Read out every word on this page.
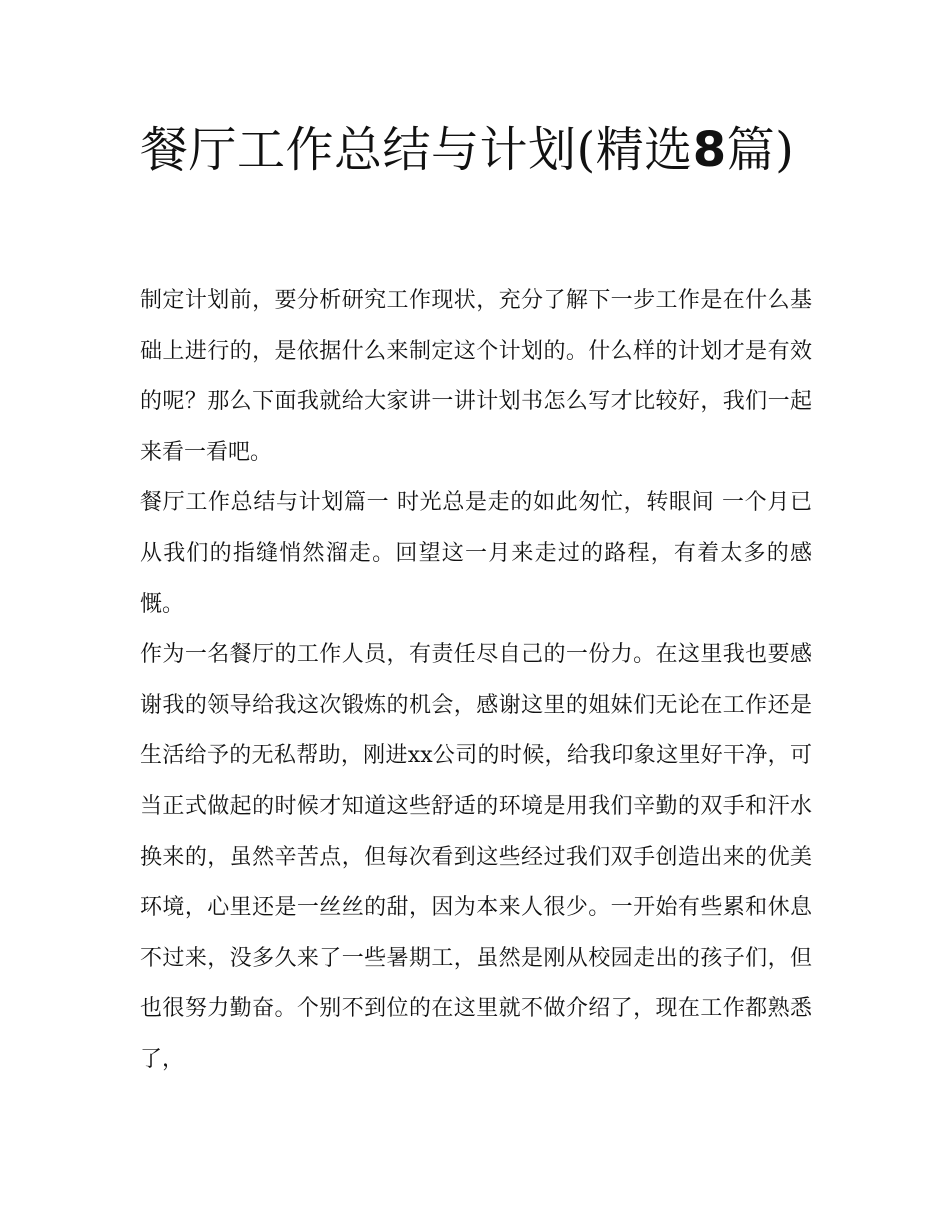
餐厅工作总结与计划(精选8篇)

制定计划前，要分析研究工作现状，充分了解下一步工作是在什么基础上进行的，是依据什么来制定这个计划的。什么样的计划才是有效的呢？那么下面我就给大家讲一讲计划书怎么写才比较好，我们一起来看一看吧。

餐厅工作总结与计划篇一 时光总是走的如此匆忙，转眼间 一个月已从我们的指缝悄然溜走。回望这一月来走过的路程，有着太多的感慨。

作为一名餐厅的工作人员，有责任尽自己的一份力。在这里我也要感谢我的领导给我这次锻炼的机会，感谢这里的姐妹们无论在工作还是生活给予的无私帮助，刚进xx公司的时候，给我印象这里好干净，可当正式做起的时候才知道这些舒适的环境是用我们辛勤的双手和汗水换来的，虽然辛苦点，但每次看到这些经过我们双手创造出来的优美环境，心里还是一丝丝的甜，因为本来人很少。一开始有些累和休息不过来，没多久来了一些暑期工，虽然是刚从校园走出的孩子们，但也很努力勤奋。个别不到位的在这里就不做介绍了，现在工作都熟悉了，
